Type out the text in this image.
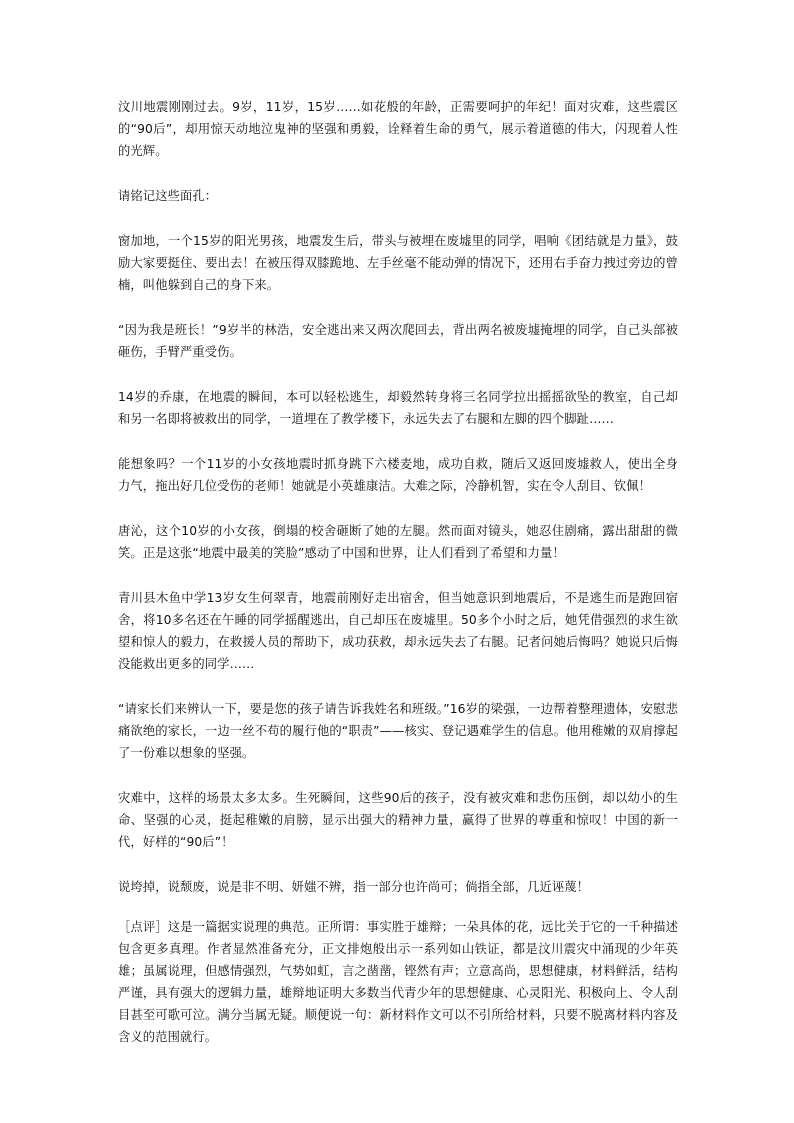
汶川地震刚刚过去。9岁，11岁，15岁……如花般的年龄，正需要呵护的年纪！面对灾难，这些震区的“90后”，却用惊天动地泣鬼神的坚强和勇毅，诠释着生命的勇气，展示着道德的伟大，闪现着人性的光辉。

请铭记这些面孔：

窗加地，一个15岁的阳光男孩，地震发生后，带头与被埋在废墟里的同学，唱响《团结就是力量》，鼓励大家要挺住、要出去！在被压得双膝跪地、左手丝毫不能动弹的情况下，还用右手奋力拽过旁边的曾楠，叫他躲到自己的身下来。

“因为我是班长！”9岁半的林浩，安全逃出来又两次爬回去，背出两名被废墟掩埋的同学，自己头部被砸伤，手臂严重受伤。

14岁的乔康，在地震的瞬间，本可以轻松逃生，却毅然转身将三名同学拉出摇摇欲坠的教室，自己却和另一名即将被救出的同学，一道埋在了教学楼下，永远失去了右腿和左脚的四个脚趾……

能想象吗？一个11岁的小女孩地震时抓身跳下六楼麦地，成功自救，随后又返回废墟救人，使出全身力气，拖出好几位受伤的老师！她就是小英雄康洁。大难之际，冷静机智，实在令人刮目、钦佩！

唐沁，这个10岁的小女孩，倒塌的校舍砸断了她的左腿。然而面对镜头，她忍住剧痛，露出甜甜的微笑。正是这张“地震中最美的笑脸”感动了中国和世界，让人们看到了希望和力量！

青川县木鱼中学13岁女生何翠青，地震前刚好走出宿舍，但当她意识到地震后，不是逃生而是跑回宿舍，将10多名还在午睡的同学摇醒逃出，自己却压在废墟里。50多个小时之后，她凭借强烈的求生欲望和惊人的毅力，在救援人员的帮助下，成功获救，却永远失去了右腿。记者问她后悔吗？她说只后悔没能救出更多的同学……

“请家长们来辨认一下，要是您的孩子请告诉我姓名和班级。”16岁的梁强，一边帮着整理遗体，安慰悲痛欲绝的家长，一边一丝不苟的履行他的“职责”——核实、登记遇难学生的信息。他用稚嫩的双肩撑起了一份难以想象的坚强。

灾难中，这样的场景太多太多。生死瞬间，这些90后的孩子，没有被灾难和悲伤压倒，却以幼小的生命、坚强的心灵，挺起稚嫩的肩膀，显示出强大的精神力量，赢得了世界的尊重和惊叹！中国的新一代，好样的“90后”！

说垮掉，说颓废，说是非不明、妍媸不辨，指一部分也许尚可；倘指全部，几近诬蔑！

［点评］这是一篇据实说理的典范。正所谓：事实胜于雄辩；一朵具体的花，远比关于它的一千种描述包含更多真理。作者显然准备充分，正文排炮般出示一系列如山铁证，都是汶川震灾中涌现的少年英雄；虽属说理，但感情强烈，气势如虹，言之凿凿，铿然有声；立意高尚，思想健康，材料鲜活，结构严谨，具有强大的逻辑力量，雄辩地证明大多数当代青少年的思想健康、心灵阳光、积极向上、令人刮目甚至可歌可泣。满分当属无疑。顺便说一句：新材料作文可以不引所给材料，只要不脱离材料内容及含义的范围就行。
